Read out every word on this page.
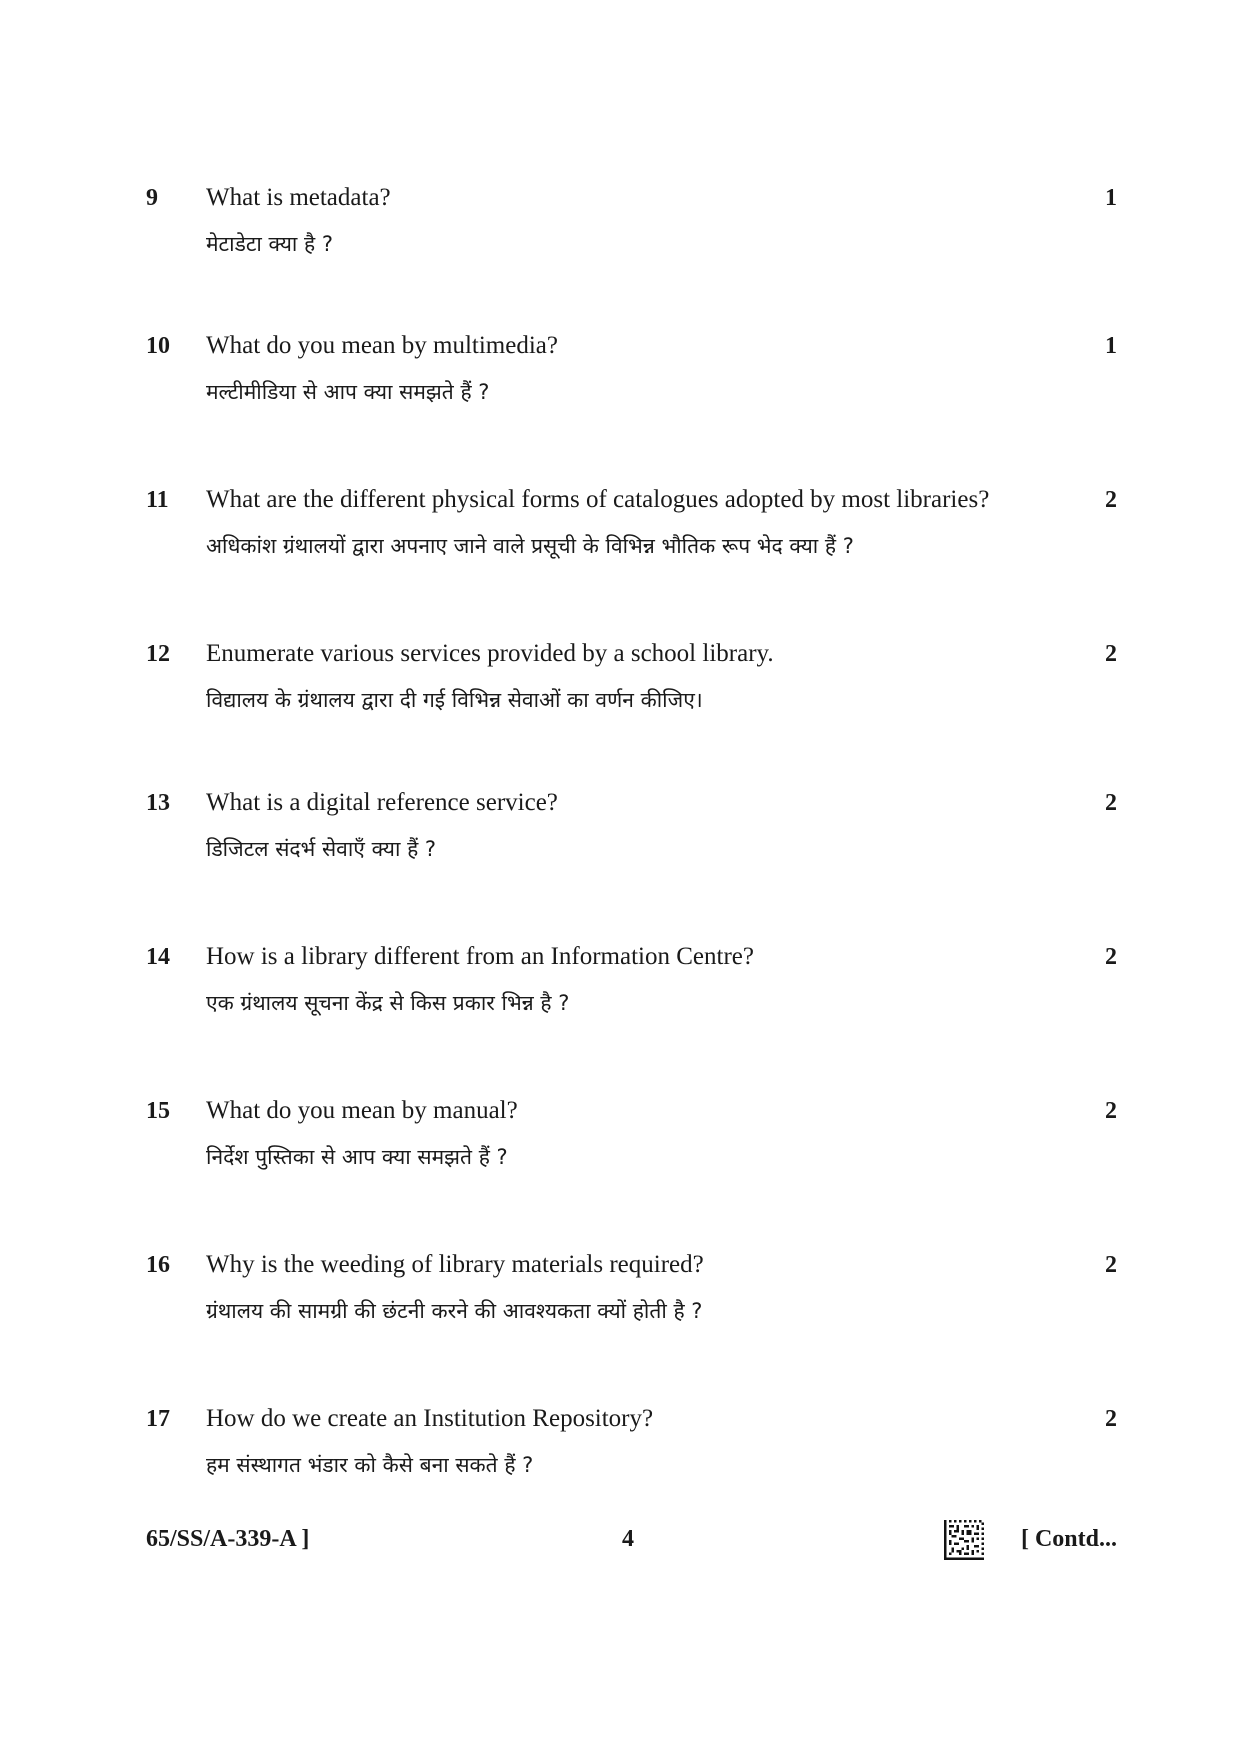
9 What is metadata?
मेटाडेटा क्या है ?
1
10 What do you mean by multimedia?
मल्टीमीडिया से आप क्या समझते हैं ?
1
11 What are the different physical forms of catalogues adopted by most libraries?
अधिकांश ग्रंथालयों द्वारा अपनाए जाने वाले प्रसूची के विभिन्न भौतिक रूप भेद क्या हैं ?
2
12 Enumerate various services provided by a school library.
विद्यालय के ग्रंथालय द्वारा दी गई विभिन्न सेवाओं का वर्णन कीजिए।
2
13 What is a digital reference service?
डिजिटल संदर्भ सेवाएँ क्या हैं ?
2
14 How is a library different from an Information Centre?
एक ग्रंथालय सूचना केंद्र से किस प्रकार भिन्न है ?
2
15 What do you mean by manual?
निर्देश पुस्तिका से आप क्या समझते हैं ?
2
16 Why is the weeding of library materials required?
ग्रंथालय की सामग्री की छंटनी करने की आवश्यकता क्यों होती है ?
2
17 How do we create an Institution Repository?
हम संस्थागत भंडार को कैसे बना सकते हैं ?
2
65/SS/A-339-A ]	4	[ Contd...
